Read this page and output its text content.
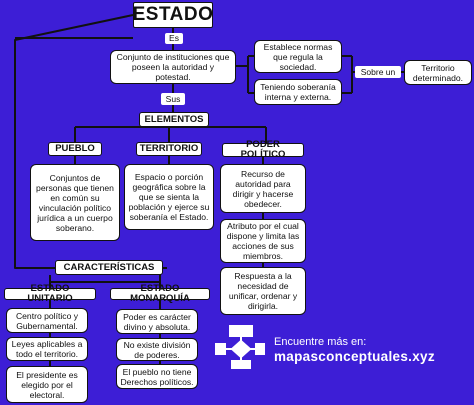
ESTADO
Es
Conjunto de instituciones que poseen la autoridad y potestad.
Establece normas que regula la sociedad.
Teniendo soberanía interna y externa.
Sobre un	Territorio determinado.
Sus
ELEMENTOS
PUEBLO
Conjuntos de personas que tienen en común su vinculación político jurídica a un cuerpo soberano.
TERRITORIO
Espacio o porción geográfica sobre la que se sienta la población y ejerce su soberanía el Estado.
PODER POLÍTICO
Recurso de autoridad para dirigir y hacerse obedecer.
Atributo por el cual dispone y limita las acciones de sus miembros.
Respuesta a la necesidad de unificar, ordenar y dirigirla.
CARACTERÍSTICAS
ESTADO UNITARIO
Centro político y Gubernamental.
Leyes aplicables a todo el territorio.
El presidente es elegido por el electoral.
ESTADO MONARQUÍA
Poder es carácter divino y absoluta.
No existe división de poderes.
El pueblo no tiene Derechos políticos.
Encuentre más en:
mapasconceptuales.xyz
